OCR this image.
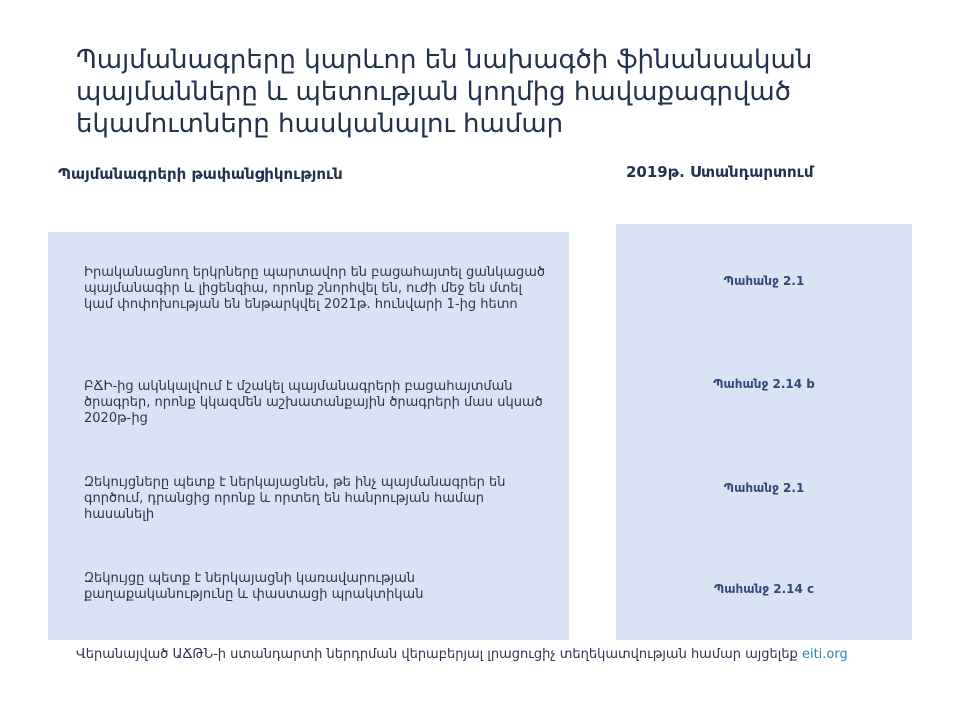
Պայմանագրերը կարևոր են նախագծի ֆինանսական պայմանները և պետության կողմից հավաքագրված եկամուտները հասկանալու համար
Պայմանագրերի թափանցիկություն	2019թ. Ստանդարտում
Իրականացնող երկրները պարտավոր են բացահայտել ցանկացած պայմանագիր և լիցենզիա, որոնք շնորհվել են, ուժի մեջ են մտել կամ փոփոխության են ենթարկվել 2021թ. հունվարի 1-ից հետո
ԲՃԻ-ից ակնկալվում է մշակել պայմանագրերի բացահայտման ծրագրեր, որոնք կկազմեն աշխատանքային ծրագրերի մաս սկսած 2020թ-ից
Զեկույցները պետք է ներկայացնեն, թե ինչ պայմանագրեր են գործում, դրանցից որոնք և որտեղ են հանրության համար հասանելի
Զեկույցը պետք է ներկայացնի կառավարության քաղաքականությունը և փաստացի պրակտիկան
Պահանջ 2.1
Պահանջ 2.14 b
Պահանջ 2.1
Պահանջ 2.14 c
Վերանայված ԱՃԹՆ-ի ստանդարտի ներդրման վերաբերյալ լրացուցիչ տեղեկատվության համար այցելեք eiti.org
